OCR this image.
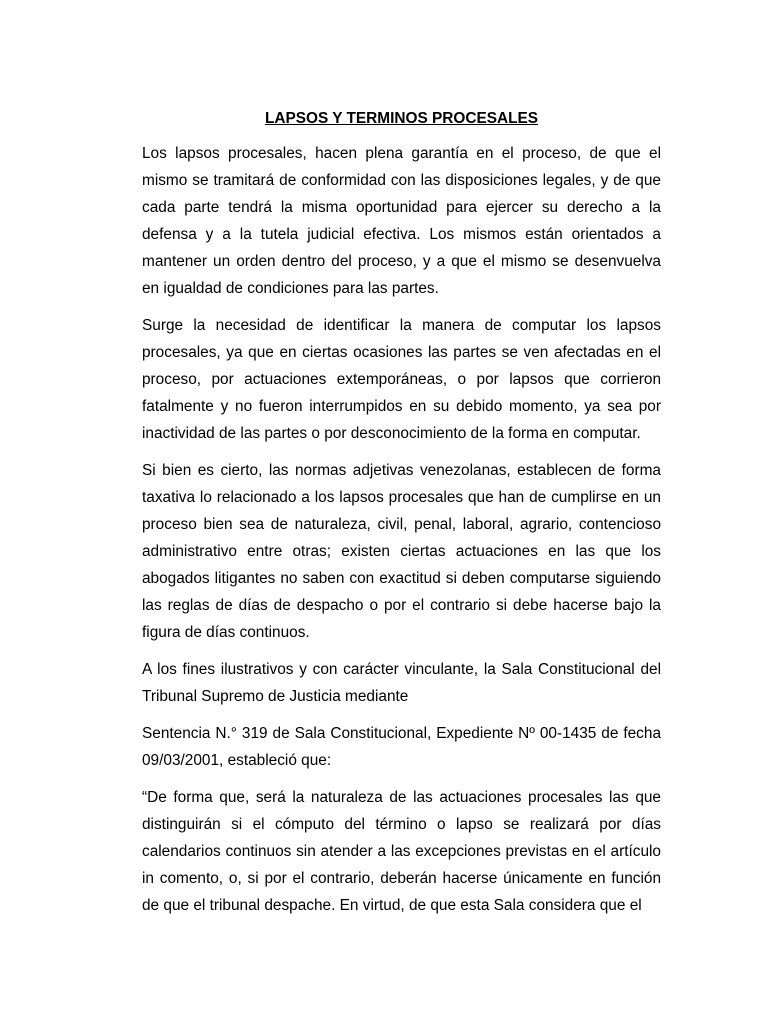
LAPSOS Y TERMINOS PROCESALES

Los lapsos procesales, hacen plena garantía en el proceso, de que el mismo se tramitará de conformidad con las disposiciones legales, y de que cada parte tendrá la misma oportunidad para ejercer su derecho a la defensa y a la tutela judicial efectiva. Los mismos están orientados a mantener un orden dentro del proceso, y a que el mismo se desenvuelva en igualdad de condiciones para las partes.

Surge la necesidad de identificar la manera de computar los lapsos procesales, ya que en ciertas ocasiones las partes se ven afectadas en el proceso, por actuaciones extemporáneas, o por lapsos que corrieron fatalmente y no fueron interrumpidos en su debido momento, ya sea por inactividad de las partes o por desconocimiento de la forma en computar.

Si bien es cierto, las normas adjetivas venezolanas, establecen de forma taxativa lo relacionado a los lapsos procesales que han de cumplirse en un proceso bien sea de naturaleza, civil, penal, laboral, agrario, contencioso administrativo entre otras; existen ciertas actuaciones en las que los abogados litigantes no saben con exactitud si deben computarse siguiendo las reglas de días de despacho o por el contrario si debe hacerse bajo la figura de días continuos.

A los fines ilustrativos y con carácter vinculante, la Sala Constitucional del Tribunal Supremo de Justicia mediante

Sentencia N.° 319 de Sala Constitucional, Expediente Nº 00-1435 de fecha 09/03/2001, estableció que:

“De forma que, será la naturaleza de las actuaciones procesales las que distinguirán si el cómputo del término o lapso se realizará por días calendarios continuos sin atender a las excepciones previstas en el artículo in comento, o, si por el contrario, deberán hacerse únicamente en función de que el tribunal despache. En virtud, de que esta Sala considera que el
